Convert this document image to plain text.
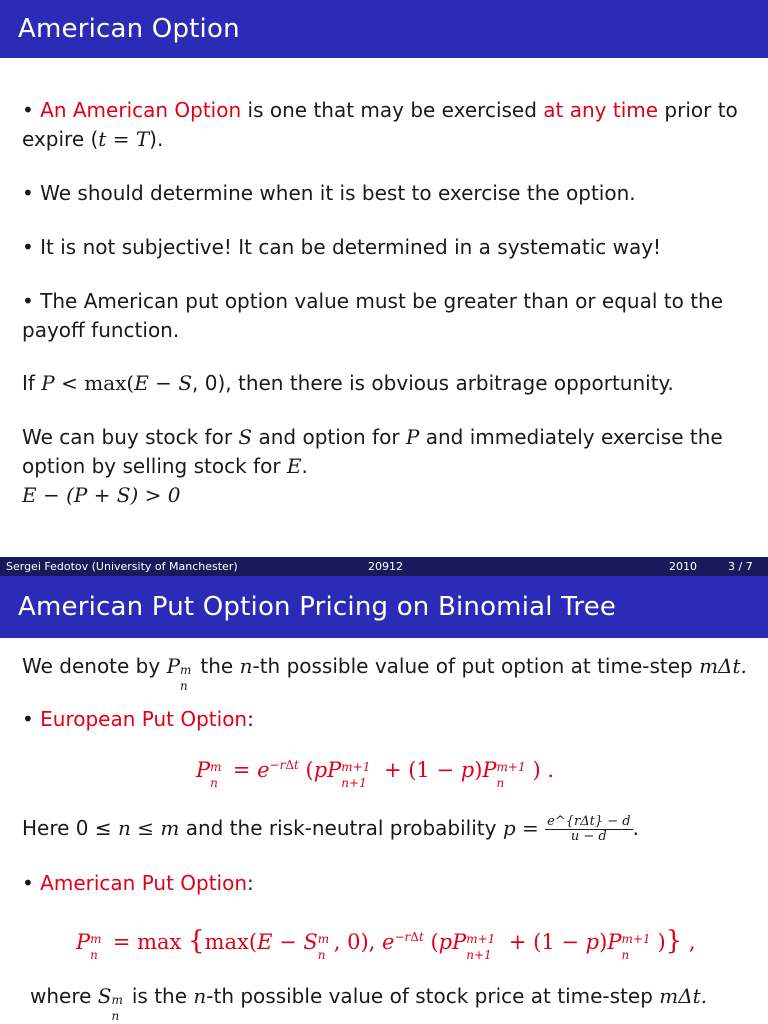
American Option
• An American Option is one that may be exercised at any time prior to
expire (t = T).
• We should determine when it is best to exercise the option.
• It is not subjective! It can be determined in a systematic way!
• The American put option value must be greater than or equal to the
payoff function.
If P < max(E − S, 0), then there is obvious arbitrage opportunity.
We can buy stock for S and option for P and immediately exercise the
option by selling stock for E.
E − (P + S) > 0
Sergei Fedotov (University of Manchester)	20912	2010	3 / 7
American Put Option Pricing on Binomial Tree
We denote by P m
n
the n-th possible value of put option at time-step mΔt.
• European Put Option:
P m
n
= $e^{-r\Delta t}$ (pP m+1
n+1
+ (1 − p)P m+1
n
) .
Here 0 ≤ n ≤ m and the risk-neutral probability $p = \frac{\text{e\textasciicircum{}\{rΔt\} − d}}{u - d}$ .
• American Put Option:
P m
n
= max {max(E − S m
n
, 0), $e^{-r\Delta t}$ (pP m+1
n+1
+ (1 − p)P m+1
n
)} ,
where S m
n
is the n-th possible value of stock price at time-step mΔt.
